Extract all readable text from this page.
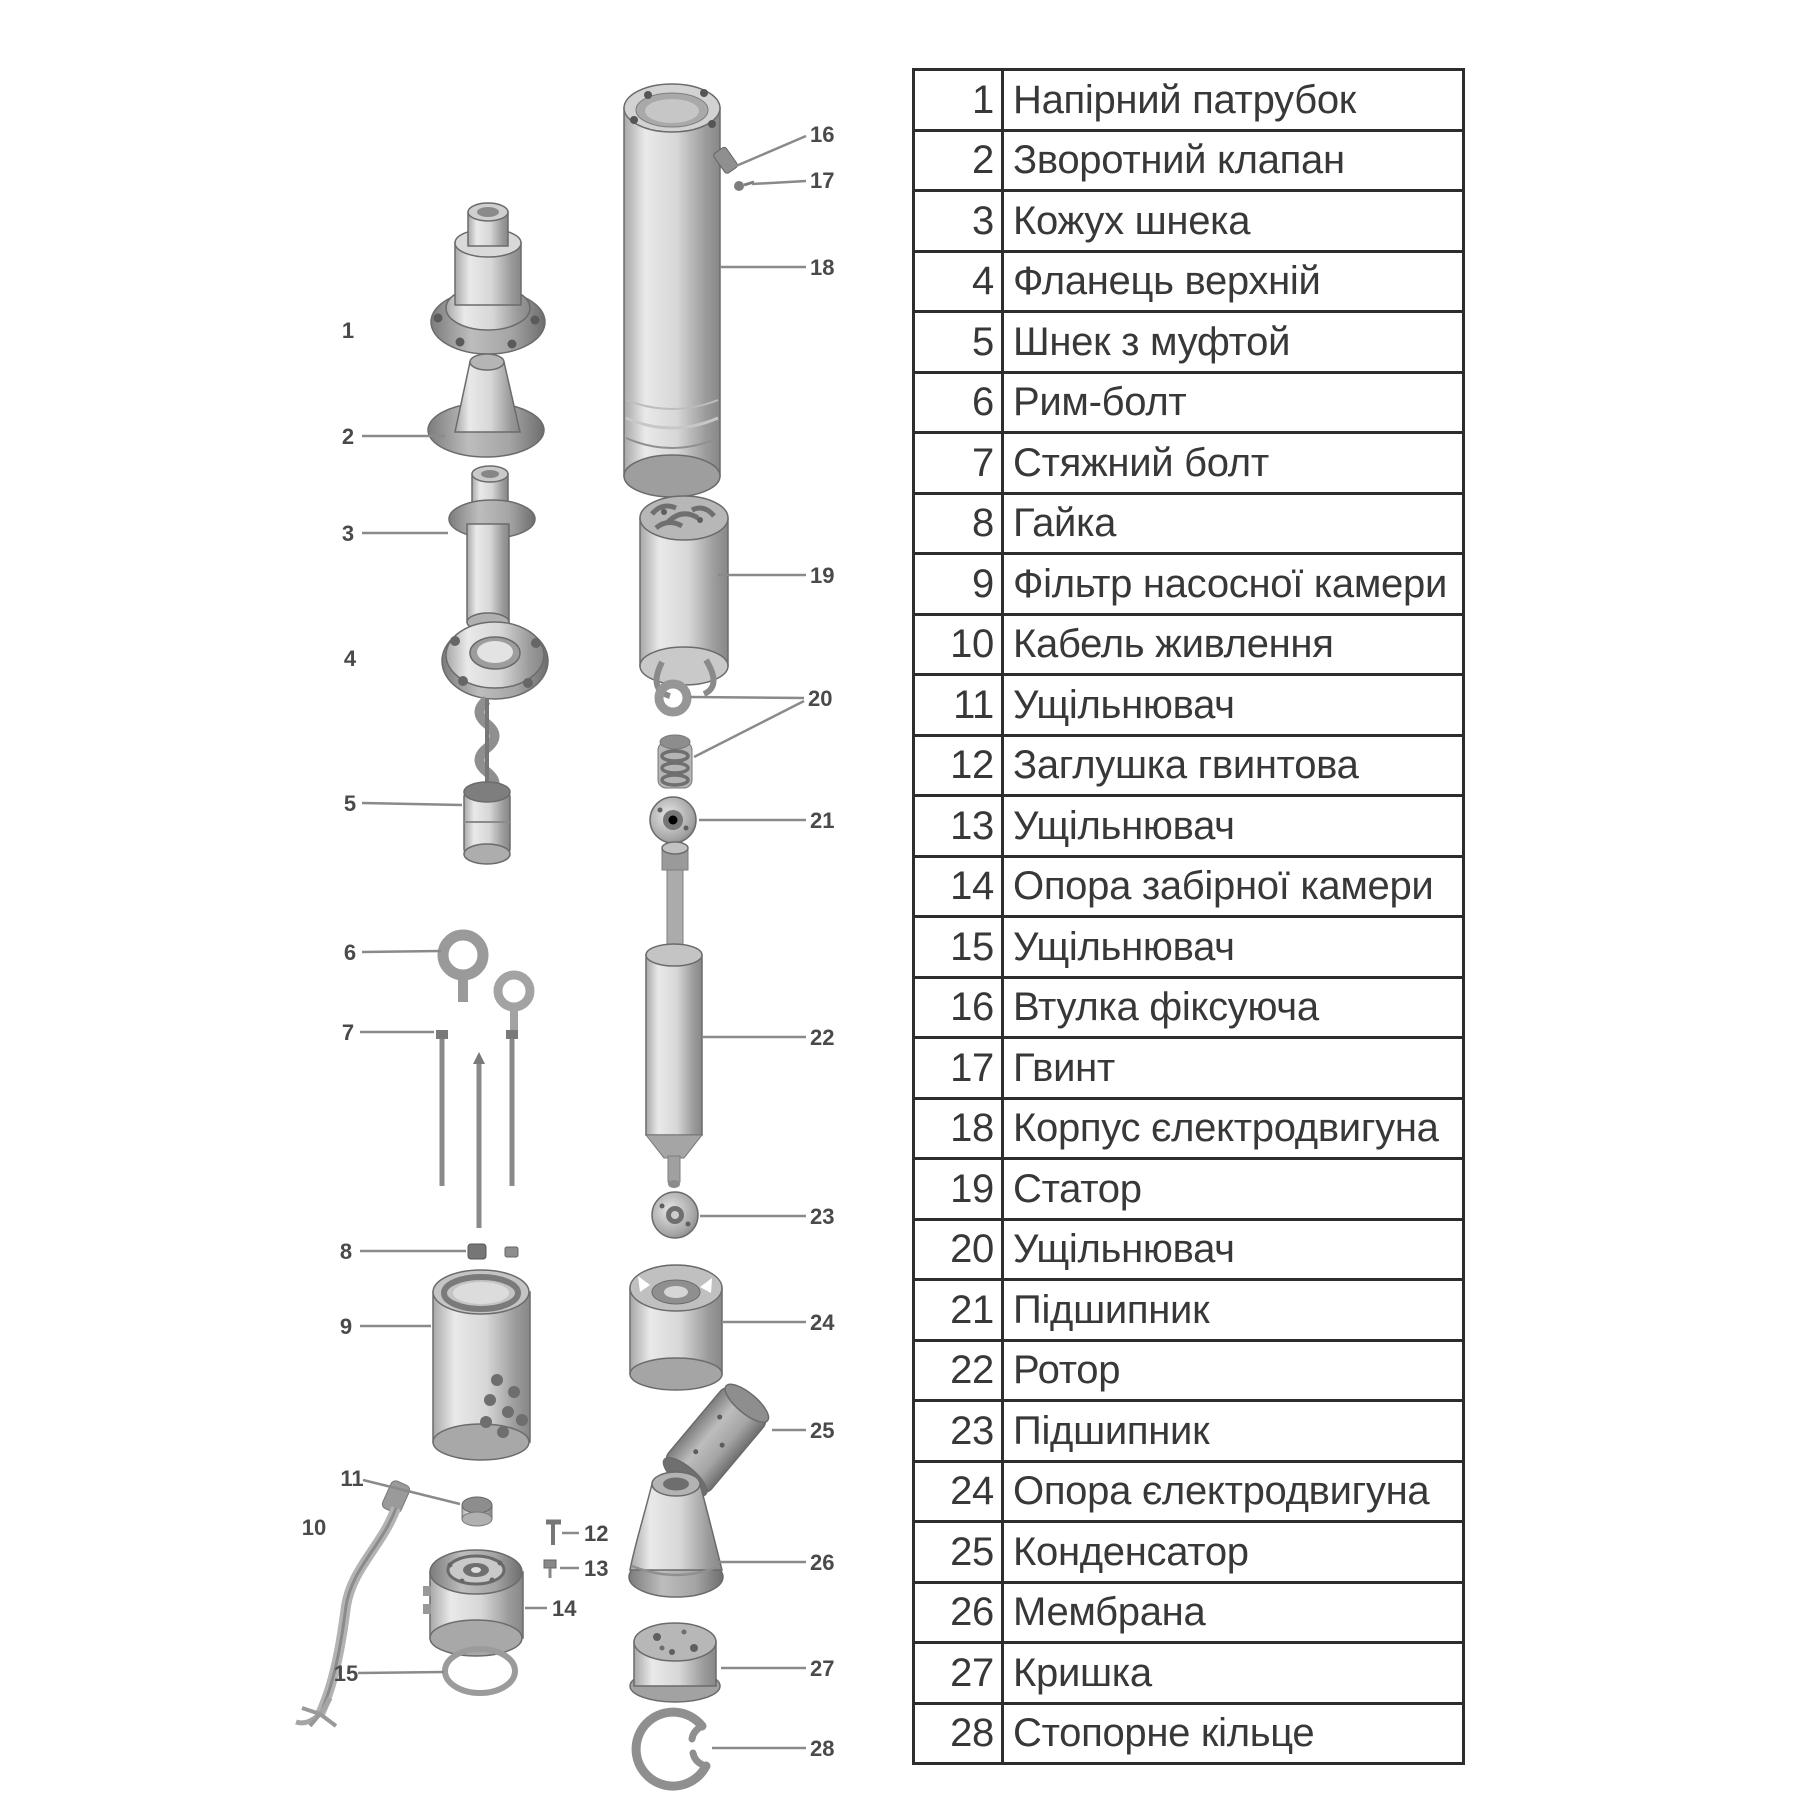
1
2
3
4
5
6
7
8
9
10
11
12
13
14
15
16
17
18
19
20
21
22
23
24
25
26
27
28
1	Напірний патрубок
2	Зворотний клапан
3	Кожух шнека
4	Фланець верхній
5	Шнек з муфтой
6	Рим-болт
7	Стяжний болт
8	Гайка
9	Фільтр насосної камери
10	Кабель живлення
11	Ущільнювач
12	Заглушка гвинтова
13	Ущільнювач
14	Опора забірної камери
15	Ущільнювач
16	Втулка фіксуюча
17	Гвинт
18	Корпус єлектродвигуна
19	Статор
20	Ущільнювач
21	Підшипник
22	Ротор
23	Підшипник
24	Опора єлектродвигуна
25	Конденсатор
26	Мембрана
27	Кришка
28	Стопорне кільце
